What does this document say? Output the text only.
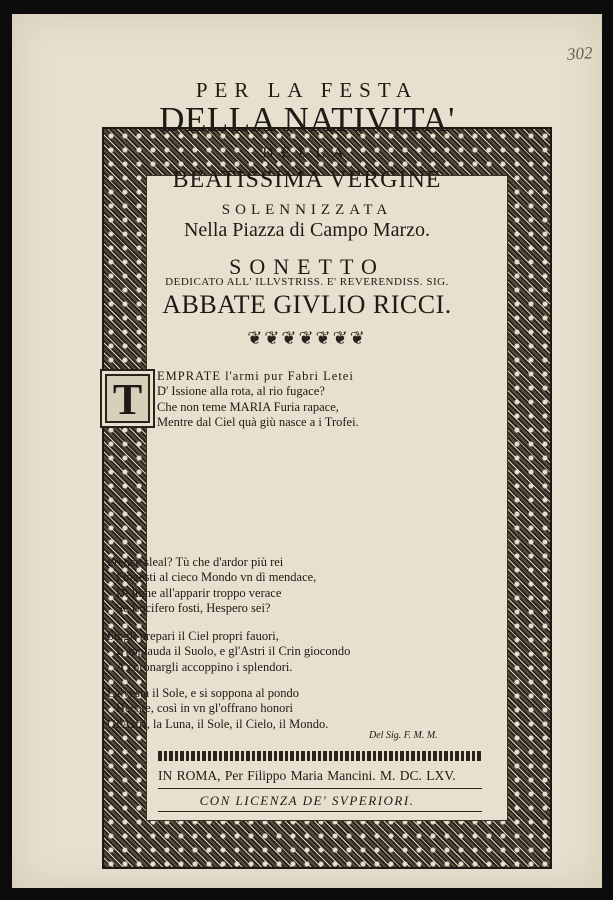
302
PER LA FESTA
DELLA NATIVITA'
DELLA
BEATISSIMA VERGINE
SOLENNIZZATA
Nella Piazza di Campo Marzo.
SONETTO
DEDICATO ALL' ILLVSTRISS. E' REVERENDISS. SIG.
ABBATE GIVLIO RICCI.
❦❦❦❦❦❦❦
T	EMPRATE l'armi pur Fabri Letei
D' Issione alla rota, al rio fugace?
Che non teme MARIA Furia rapace,
Mentre dal Ciel quà giù nasce a i Trofei.
Prence sleal? Tù che d'ardor più rei
Fingesti al cieco Mondo vn dì mendace,
Di lume all'apparir troppo verace
Se Lucifero fosti, Hespero sei?
Sù gli prepari il Ciel propri fauori,
L'applauda il Suolo, e gl'Astri il Crin giocondo
A coronargli accoppino i splendori.
La vesta il Sole, e si soppona al pondo
Hecate, così in vn gl'offrano honori
Gl'Astri, la Luna, il Sole, il Cielo, il Mondo.
Del Sig. F. M. M.
IN ROMA, Per Filippo Maria Mancini. M. DC. LXV.
CON LICENZA DE' SVPERIORI.
